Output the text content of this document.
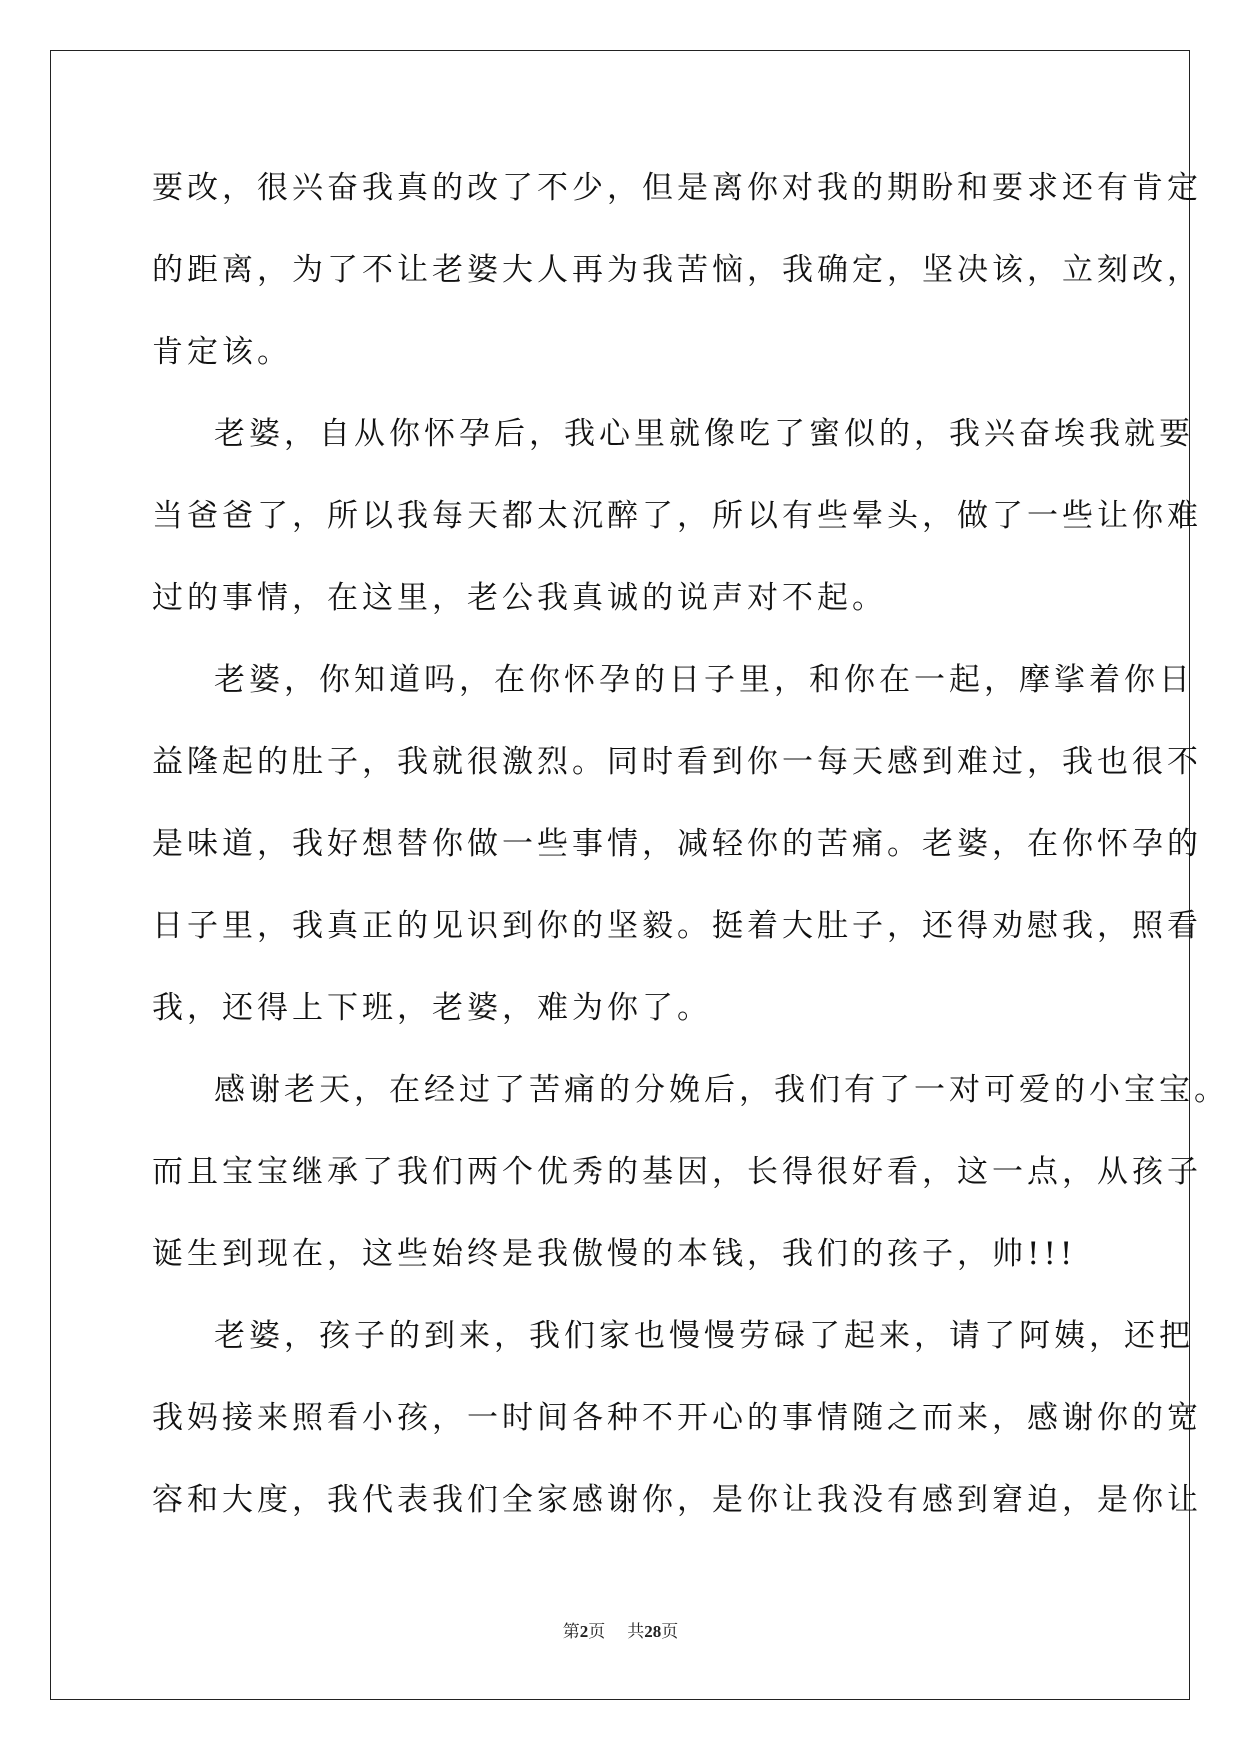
要改，很兴奋我真的改了不少，但是离你对我的期盼和要求还有肯定
的距离，为了不让老婆大人再为我苦恼，我确定，坚决该，立刻改，
肯定该。
老婆，自从你怀孕后，我心里就像吃了蜜似的，我兴奋埃我就要
当爸爸了，所以我每天都太沉醉了，所以有些晕头，做了一些让你难
过的事情，在这里，老公我真诚的说声对不起。
老婆，你知道吗，在你怀孕的日子里，和你在一起，摩挲着你日
益隆起的肚子，我就很激烈。同时看到你一每天感到难过，我也很不
是味道，我好想替你做一些事情，减轻你的苦痛。老婆，在你怀孕的
日子里，我真正的见识到你的坚毅。挺着大肚子，还得劝慰我，照看
我，还得上下班，老婆，难为你了。
感谢老天，在经过了苦痛的分娩后，我们有了一对可爱的小宝宝。
而且宝宝继承了我们两个优秀的基因，长得很好看，这一点，从孩子
诞生到现在，这些始终是我傲慢的本钱，我们的孩子，帅!!!
老婆，孩子的到来，我们家也慢慢劳碌了起来，请了阿姨，还把
我妈接来照看小孩，一时间各种不开心的事情随之而来，感谢你的宽
容和大度，我代表我们全家感谢你，是你让我没有感到窘迫，是你让
第2页 共28页
